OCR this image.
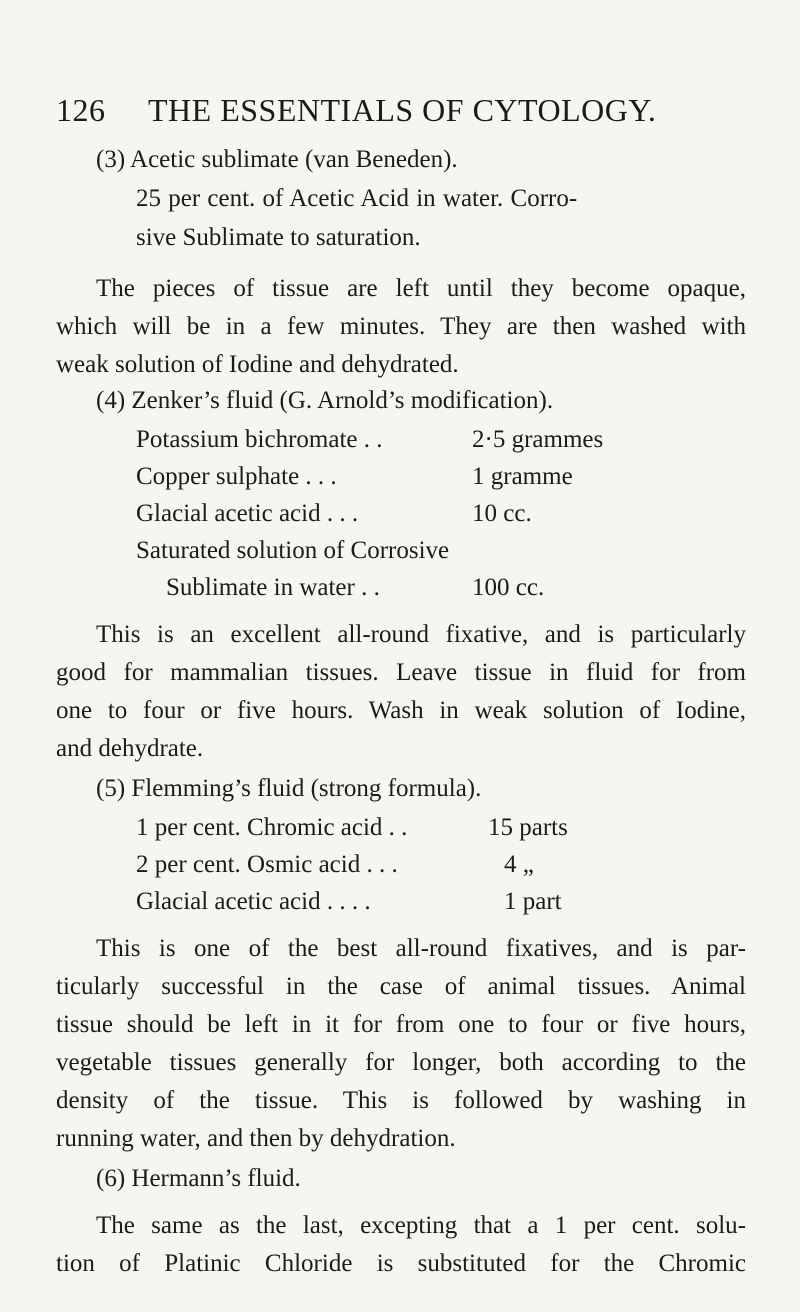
126 THE ESSENTIALS OF CYTOLOGY.
(3) Acetic sublimate (van Beneden).
25 per cent. of Acetic Acid in water. Corro-
sive Sublimate to saturation.
The pieces of tissue are left until they become opaque,
which will be in a few minutes. They are then washed with
weak solution of Iodine and dehydrated.
(4) Zenker’s fluid (G. Arnold’s modification).
Potassium bichromate . .	2·5 grammes
Copper sulphate . . .	1 gramme
Glacial acetic acid . . .	10 cc.
Saturated solution of Corrosive
Sublimate in water . .	100 cc.
This is an excellent all-round fixative, and is particularly
good for mammalian tissues. Leave tissue in fluid for from
one to four or five hours. Wash in weak solution of Iodine,
and dehydrate.
(5) Flemming’s fluid (strong formula).
1 per cent. Chromic acid . .	15 parts
2 per cent. Osmic acid . . .	4 „
Glacial acetic acid . . . .	1 part
This is one of the best all-round fixatives, and is par-
ticularly successful in the case of animal tissues. Animal
tissue should be left in it for from one to four or five hours,
vegetable tissues generally for longer, both according to the
density of the tissue. This is followed by washing in
running water, and then by dehydration.
(6) Hermann’s fluid.
The same as the last, excepting that a 1 per cent. solu-
tion of Platinic Chloride is substituted for the Chromic
